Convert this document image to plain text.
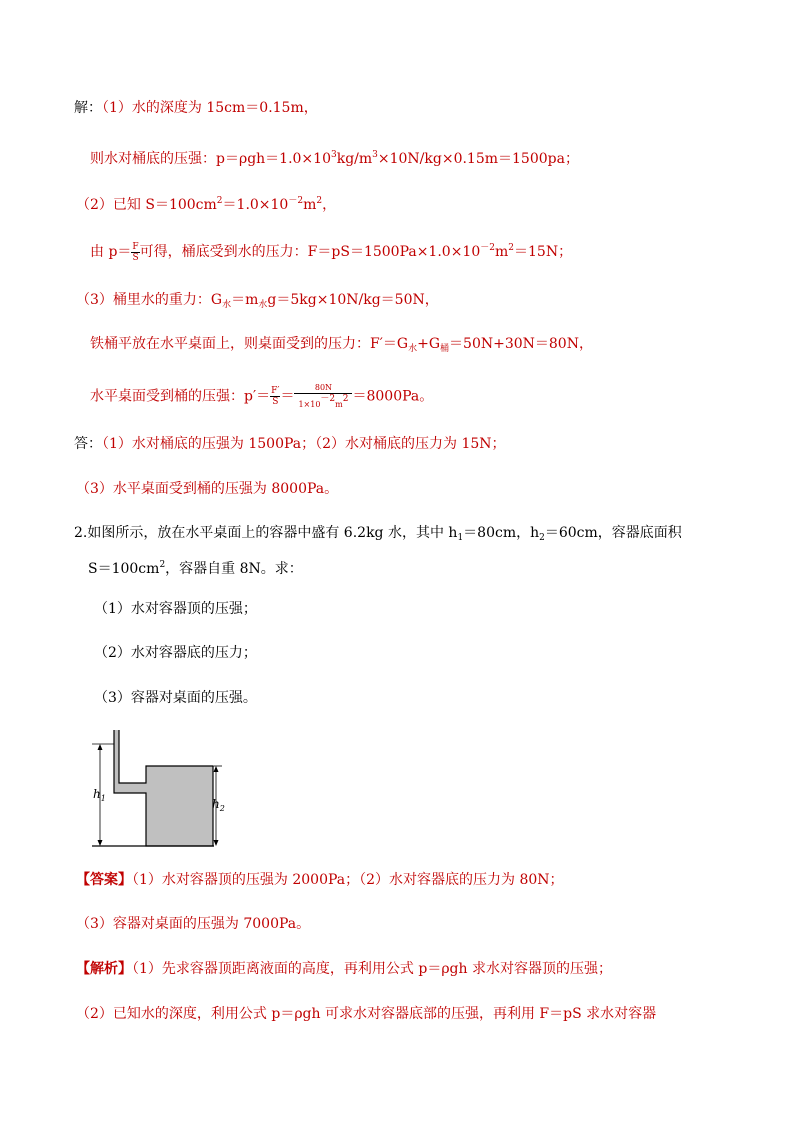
解：（1）水的深度为 15cm＝0.15m，
则水对桶底的压强：$p=\rho gh=1.0\times 10^3kg/m^3\times 10N/kg\times 0.15m=1500pa$；
（2）已知 $S=100cm^2=1.0\times 10^{-2}m^2$，
由 $p= \frac{F}{S}$ 可得，桶底受到水的压力：$F=pS=1500Pa\times 1.0\times 10^{-2}m^2=15N$；
（3）桶里水的重力：$G_水=m_水g=5kg\times 10N/kg=50N$，
铁桶平放在水平桌面上，则桌面受到的压力：$F'=G_水+G_桶=50N+30N=80N$，
水平桌面受到桶的压强：$p'= \frac{F'}{S} = \frac{80N}{1\times 10-2m2} =8000Pa$。
答：（1）水对桶底的压强为 1500Pa；（2）水对桶底的压力为 15N；
（3）水平桌面受到桶的压强为 8000Pa。
2.如图所示，放在水平桌面上的容器中盛有 6.2kg 水，其中 $h_1=80cm$，$h_2=60cm$，容器底面积
$S=100cm^2$，容器自重 8N。求：
（1）水对容器顶的压强；
（2）水对容器底的压力；
（3）容器对桌面的压强。
$h_1$	$h_2$
【答案】（1）水对容器顶的压强为 2000Pa；（2）水对容器底的压力为 80N；
（3）容器对桌面的压强为 7000Pa。
【解析】（1）先求容器顶距离液面的高度，再利用公式 p＝ρgh 求水对容器顶的压强；
（2）已知水的深度，利用公式 p＝ρgh 可求水对容器底部的压强，再利用 F＝pS 求水对容器
